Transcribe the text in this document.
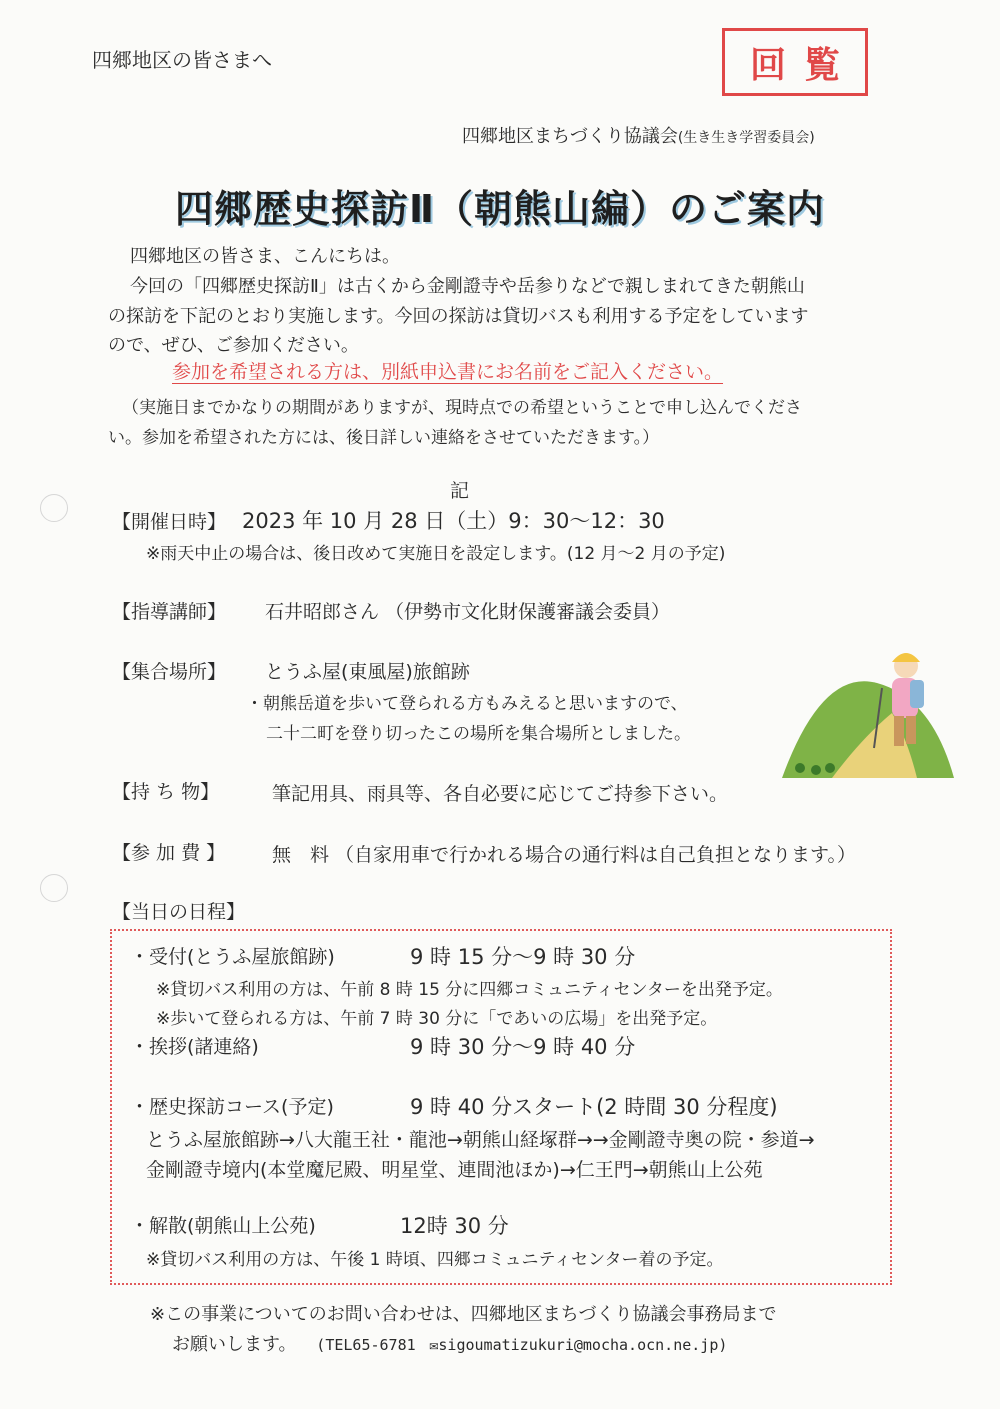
四郷地区の皆さまへ	回覧
四郷地区まちづくり協議会(生き生き学習委員会)
四郷歴史探訪Ⅱ（朝熊山編）のご案内
四郷地区の皆さま、こんにちは。
今回の「四郷歴史探訪Ⅱ」は古くから金剛證寺や岳参りなどで親しまれてきた朝熊山
の探訪を下記のとおり実施します。今回の探訪は貸切バスも利用する予定をしています
ので、ぜひ、ご参加ください。
参加を希望される方は、別紙申込書にお名前をご記入ください。
（実施日までかなりの期間がありますが、現時点での希望ということで申し込んでくださ
い。参加を希望された方には、後日詳しい連絡をさせていただきます。）
記
【開催日時】 2023 年 10 月 28 日（土）9：30〜12：30
※雨天中止の場合は、後日改めて実施日を設定します。(12 月〜2 月の予定)
【指導講師】 石井昭郎さん （伊勢市文化財保護審議会委員）
【集合場所】 とうふ屋(東風屋)旅館跡
・朝熊岳道を歩いて登られる方もみえると思いますので、
二十二町を登り切ったこの場所を集合場所としました。
【持 ち 物】	筆記用具、雨具等、各自必要に応じてご持参下さい。
【参 加 費 】 無　料 （自家用車で行かれる場合の通行料は自己負担となります。）
【当日の日程】
・受付(とうふ屋旅館跡)	9 時 15 分〜9 時 30 分
※貸切バス利用の方は、午前 8 時 15 分に四郷コミュニティセンターを出発予定。
※歩いて登られる方は、午前 7 時 30 分に「であいの広場」を出発予定。
・挨拶(諸連絡)	9 時 30 分〜9 時 40 分
・歴史探訪コース(予定)	9 時 40 分スタート(2 時間 30 分程度)
とうふ屋旅館跡→八大龍王社・龍池→朝熊山経塚群→→金剛證寺奥の院・参道→
金剛證寺境内(本堂魔尼殿、明星堂、連間池ほか)→仁王門→朝熊山上公苑
・解散(朝熊山上公苑)	12時 30 分
※貸切バス利用の方は、午後 1 時頃、四郷コミュニティセンター着の予定。
※この事業についてのお問い合わせは、四郷地区まちづくり協議会事務局まで
お願いします。 (TEL65-6781 ✉sigoumatizukuri@mocha.ocn.ne.jp)
